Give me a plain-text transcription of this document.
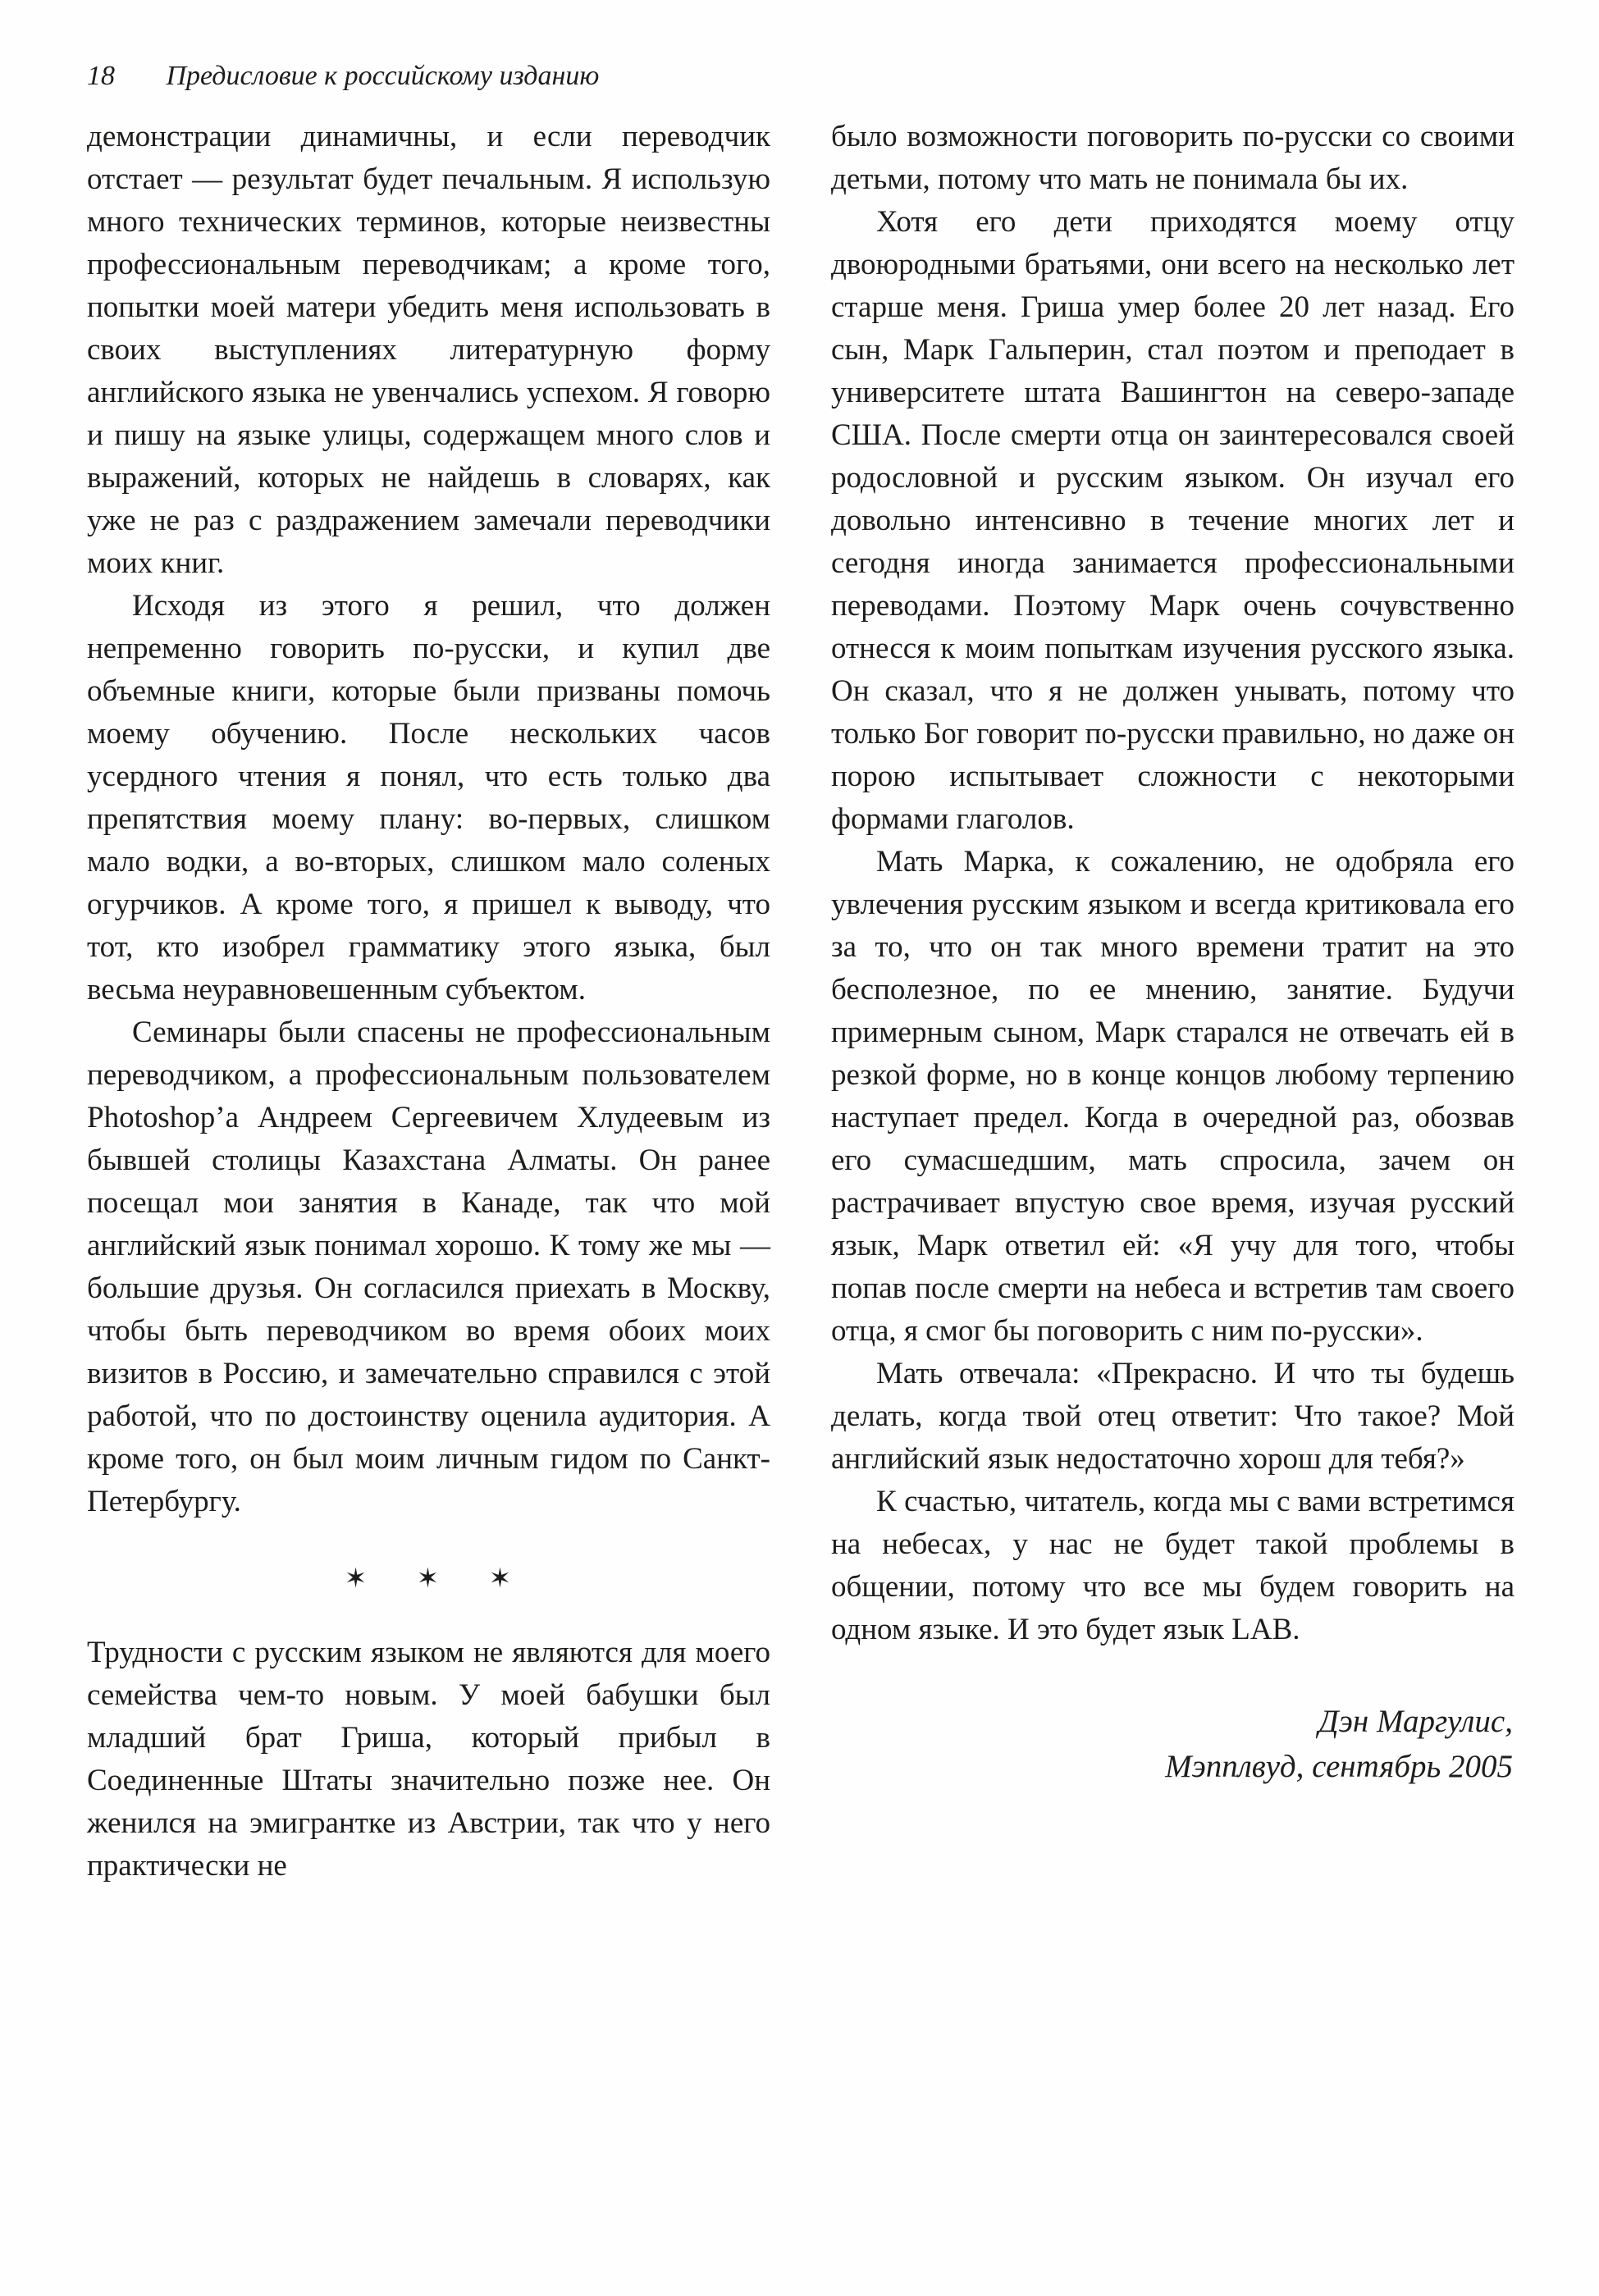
18 Предисловие к российскому изданию

демонстрации динамичны, и если переводчик отстает — результат будет печальным. Я использую много технических терминов, которые неизвестны профессиональным переводчикам; а кроме того, попытки моей матери убедить меня использовать в своих выступлениях литературную форму английского языка не увенчались успехом. Я говорю и пишу на языке улицы, содержащем много слов и выражений, которых не найдешь в словарях, как уже не раз с раздражением замечали переводчики моих книг.

Исходя из этого я решил, что должен непременно говорить по-русски, и купил две объемные книги, которые были призваны помочь моему обучению. После нескольких часов усердного чтения я понял, что есть только два препятствия моему плану: во-первых, слишком мало водки, а во-вторых, слишком мало соленых огурчиков. А кроме того, я пришел к выводу, что тот, кто изобрел грамматику этого языка, был весьма неуравновешенным субъектом.

Семинары были спасены не профессиональным переводчиком, а профессиональным пользователем Photoshop’а Андреем Сергеевичем Хлудеевым из бывшей столицы Казахстана Алматы. Он ранее посещал мои занятия в Канаде, так что мой английский язык понимал хорошо. К тому же мы — большие друзья. Он согласился приехать в Москву, чтобы быть переводчиком во время обоих моих визитов в Россию, и замечательно справился с этой работой, что по достоинству оценила аудитория. А кроме того, он был моим личным гидом по Санкт-Петербургу.

✶ ✶ ✶

Трудности с русским языком не являются для моего семейства чем-то новым. У моей бабушки был младший брат Гриша, который прибыл в Соединенные Штаты значительно позже нее. Он женился на эмигрантке из Австрии, так что у него практически не

было возможности поговорить по-русски со своими детьми, потому что мать не понимала бы их.

Хотя его дети приходятся моему отцу двоюродными братьями, они всего на несколько лет старше меня. Гриша умер более 20 лет назад. Его сын, Марк Гальперин, стал поэтом и преподает в университете штата Вашингтон на северо-западе США. После смерти отца он заинтересовался своей родословной и русским языком. Он изучал его довольно интенсивно в течение многих лет и сегодня иногда занимается профессиональными переводами. Поэтому Марк очень сочувственно отнесся к моим попыткам изучения русского языка. Он сказал, что я не должен унывать, потому что только Бог говорит по-русски правильно, но даже он порою испытывает сложности с некоторыми формами глаголов.

Мать Марка, к сожалению, не одобряла его увлечения русским языком и всегда критиковала его за то, что он так много времени тратит на это бесполезное, по ее мнению, занятие. Будучи примерным сыном, Марк старался не отвечать ей в резкой форме, но в конце концов любому терпению наступает предел. Когда в очередной раз, обозвав его сумасшедшим, мать спросила, зачем он растрачивает впустую свое время, изучая русский язык, Марк ответил ей: «Я учу для того, чтобы попав после смерти на небеса и встретив там своего отца, я смог бы поговорить с ним по-русски».

Мать отвечала: «Прекрасно. И что ты будешь делать, когда твой отец ответит: Что такое? Мой английский язык недостаточно хорош для тебя?»

К счастью, читатель, когда мы с вами встретимся на небесах, у нас не будет такой проблемы в общении, потому что все мы будем говорить на одном языке. И это будет язык LAB.

Дэн Маргулис,
Мэпплвуд, сентябрь 2005
